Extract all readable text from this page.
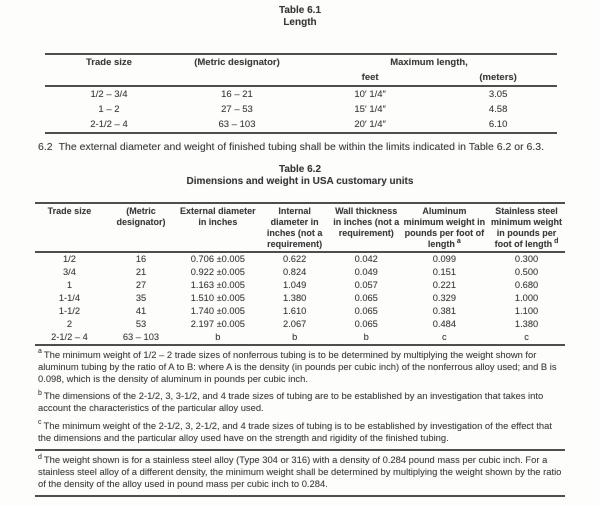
Table 6.1
Length
Trade size	(Metric designator)	Maximum length,	
		feet	(meters)
1/2 – 3/4	16 – 21	10′ 1/4″	3.05
1 – 2	27 – 53	15′ 1/4″	4.58
2-1/2 – 4	63 – 103	20′ 1/4″	6.10

6.2 The external diameter and weight of finished tubing shall be within the limits indicated in Table 6.2 or 6.3.

Table 6.2
Dimensions and weight in USA customary units
Trade size	(Metric designator)	External diameter in inches	Internal diameter in inches (not a requirement)	Wall thickness in inches (not a requirement)	Aluminum minimum weight in pounds per foot of length $^a$	Stainless steel minimum weight in pounds per foot of length $^d$
1/2	16	0.706 ±0.005	0.622	0.042	0.099	0.300
3/4	21	0.922 ±0.005	0.824	0.049	0.151	0.500
1	27	1.163 ±0.005	1.049	0.057	0.221	0.680
1-1/4	35	1.510 ±0.005	1.380	0.065	0.329	1.000
1-1/2	41	1.740 ±0.005	1.610	0.065	0.381	1.100
2	53	2.197 ±0.005	2.067	0.065	0.484	1.380
2-1/2 – 4	63 – 103	b	b	b	c	c

$^a$ The minimum weight of 1/2 – 2 trade sizes of nonferrous tubing is to be determined by multiplying the weight shown for aluminum tubing by the ratio of A to B: where A is the density (in pounds per cubic inch) of the nonferrous alloy used; and B is 0.098, which is the density of aluminum in pounds per cubic inch.

$^b$ The dimensions of the 2-1/2, 3, 3-1/2, and 4 trade sizes of tubing are to be established by an investigation that takes into account the characteristics of the particular alloy used.

$^c$ The minimum weight of the 2-1/2, 3, 2-1/2, and 4 trade sizes of tubing is to be established by investigation of the effect that the dimensions and the particular alloy used have on the strength and rigidity of the finished tubing.

$^d$ The weight shown is for a stainless steel alloy (Type 304 or 316) with a density of 0.284 pound mass per cubic inch. For a stainless steel alloy of a different density, the minimum weight shall be determined by multiplying the weight shown by the ratio of the density of the alloy used in pound mass per cubic inch to 0.284.
